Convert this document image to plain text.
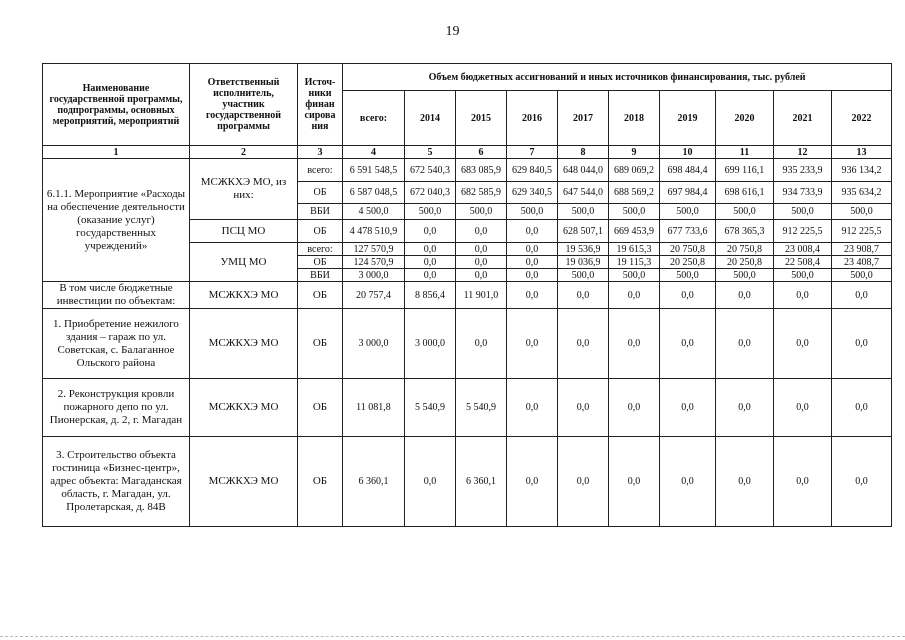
19
Наименование государственной программы, подпрограммы, основных мероприятий, мероприятий	Ответственный исполнитель, участник государственной программы	Источ-ники финан сирова ния	Объем бюджетных ассигнований и иных источников финансирования, тыс. рублей									
			всего:	2014	2015	2016	2017	2018	2019	2020	2021	2022
1	2	3	4	5	6	7	8	9	10	11	12	13
6.1.1. Мероприятие «Расходы на обеспечение деятельности (оказание услуг) государственных учреждений»	МСЖКХЭ МО, из них:	всего:	6 591 548,5	672 540,3	683 085,9	629 840,5	648 044,0	689 069,2	698 484,4	699 116,1	935 233,9	936 134,2
		ОБ	6 587 048,5	672 040,3	682 585,9	629 340,5	647 544,0	688 569,2	697 984,4	698 616,1	934 733,9	935 634,2
		ВБИ	4 500,0	500,0	500,0	500,0	500,0	500,0	500,0	500,0	500,0	500,0
	ПСЦ МО	ОБ	4 478 510,9	0,0	0,0	0,0	628 507,1	669 453,9	677 733,6	678 365,3	912 225,5	912 225,5
	УМЦ МО	всего:	127 570,9	0,0	0,0	0,0	19 536,9	19 615,3	20 750,8	20 750,8	23 008,4	23 908,7
		ОБ	124 570,9	0,0	0,0	0,0	19 036,9	19 115,3	20 250,8	20 250,8	22 508,4	23 408,7
		ВБИ	3 000,0	0,0	0,0	0,0	500,0	500,0	500,0	500,0	500,0	500,0
В том числе бюджетные инвестиции по объектам:	МСЖКХЭ МО	ОБ	20 757,4	8 856,4	11 901,0	0,0	0,0	0,0	0,0	0,0	0,0	0,0
1. Приобретение нежилого здания – гараж по ул. Советская, с. Балаганное Ольского района	МСЖКХЭ МО	ОБ	3 000,0	3 000,0	0,0	0,0	0,0	0,0	0,0	0,0	0,0	0,0
2. Реконструкция кровли пожарного депо по ул. Пионерская, д. 2, г. Магадан	МСЖКХЭ МО	ОБ	11 081,8	5 540,9	5 540,9	0,0	0,0	0,0	0,0	0,0	0,0	0,0
3. Строительство объекта гостиница «Бизнес-центр», адрес объекта: Магаданская область, г. Магадан, ул. Пролетарская, д. 84В	МСЖКХЭ МО	ОБ	6 360,1	0,0	6 360,1	0,0	0,0	0,0	0,0	0,0	0,0	0,0
